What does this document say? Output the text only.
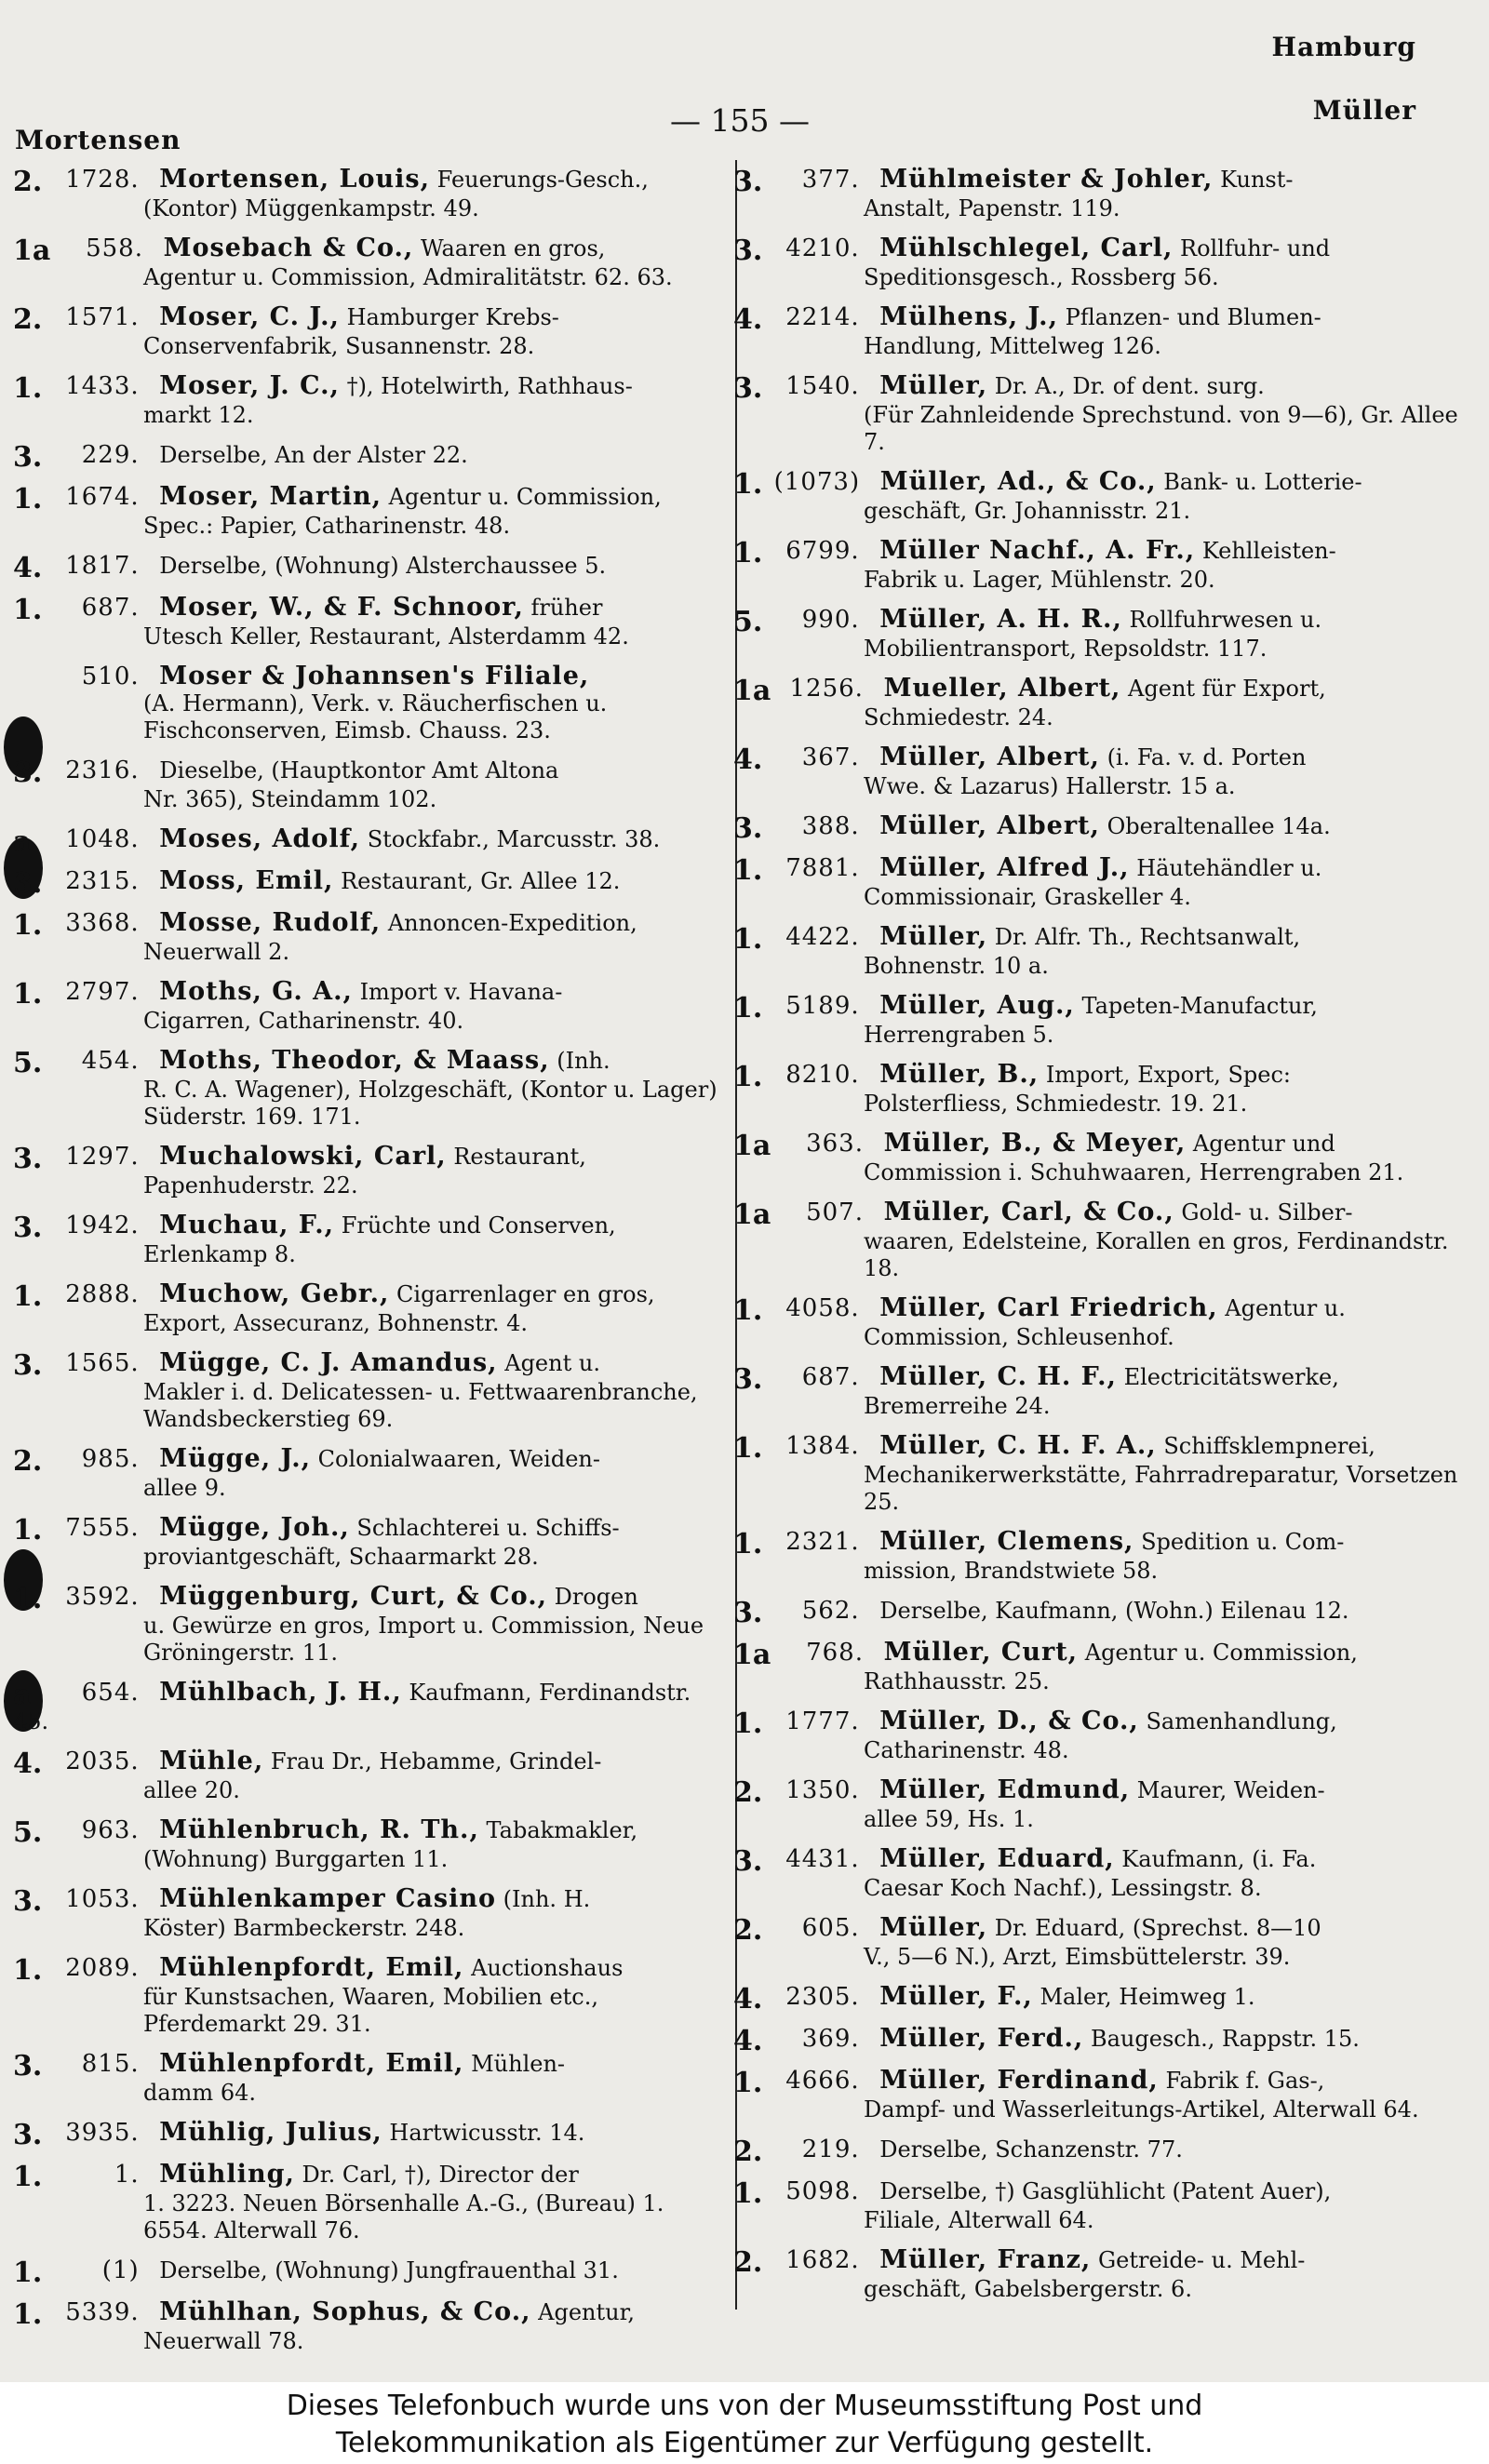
Hamburg
Müller
Mortensen
— 155 —
2. 1728. Mortensen, Louis, Feuerungs-Gesch.,
(Kontor) Müggenkampstr. 49.
1a 558. Mosebach & Co., Waaren en gros,
Agentur u. Commission, Admiralitätstr. 62. 63.
2. 1571. Moser, C. J., Hamburger Krebs-
Conservenfabrik, Susannenstr. 28.
1. 1433. Moser, J. C., †), Hotelwirth, Rathhaus-
markt 12.
3. 229. Derselbe, An der Alster 22.
1. 1674. Moser, Martin, Agentur u. Commission,
Spec.: Papier, Catharinenstr. 48.
4. 1817. Derselbe, (Wohnung) Alsterchaussee 5.
1. 687. Moser, W., & F. Schnoor, früher
Utesch Keller, Restaurant, Alsterdamm 42.
510. Moser & Johannsen's Filiale,
(A. Hermann), Verk. v. Räucherfischen u. Fischconserven, Eimsb. Chauss. 23.
3. 2316. Dieselbe, (Hauptkontor Amt Altona
Nr. 365), Steindamm 102.
a 1048. Moses, Adolf, Stockfabr., Marcusstr. 38.
3. 2315. Moss, Emil, Restaurant, Gr. Allee 12.
1. 3368. Mosse, Rudolf, Annoncen-Expedition,
Neuerwall 2.
1. 2797. Moths, G. A., Import v. Havana-
Cigarren, Catharinenstr. 40.
5. 454. Moths, Theodor, & Maass, (Inh.
R. C. A. Wagener), Holzgeschäft, (Kontor u. Lager) Süderstr. 169. 171.
3. 1297. Muchalowski, Carl, Restaurant,
Papenhuderstr. 22.
3. 1942. Muchau, F., Früchte und Conserven,
Erlenkamp 8.
1. 2888. Muchow, Gebr., Cigarrenlager en gros,
Export, Assecuranz, Bohnenstr. 4.
3. 1565. Mügge, C. J. Amandus, Agent u.
Makler i. d. Delicatessen- u. Fettwaarenbranche, Wandsbeckerstieg 69.
2. 985. Mügge, J., Colonialwaaren, Weiden-
allee 9.
1. 7555. Mügge, Joh., Schlachterei u. Schiffs-
proviantgeschäft, Schaarmarkt 28.
1. 3592. Müggenburg, Curt, & Co., Drogen
u. Gewürze en gros, Import u. Commission, Neue Gröningerstr. 11.
a 654. Mühlbach, J. H., Kaufmann, Ferdinandstr. 45.
4. 2035. Mühle, Frau Dr., Hebamme, Grindel-
allee 20.
5. 963. Mühlenbruch, R. Th., Tabakmakler,
(Wohnung) Burggarten 11.
3. 1053. Mühlenkamper Casino (Inh. H.
Köster) Barmbeckerstr. 248.
1. 2089. Mühlenpfordt, Emil, Auctionshaus
für Kunstsachen, Waaren, Mobilien etc., Pferdemarkt 29. 31.
3. 815. Mühlenpfordt, Emil, Mühlen-
damm 64.
3. 3935. Mühlig, Julius, Hartwicusstr. 14.
1.	1. Mühling, Dr. Carl, †), Director der
1. 3223. Neuen Börsenhalle A.-G., (Bureau) 1. 6554. Alterwall 76.
1. (1) Derselbe, (Wohnung) Jungfrauenthal 31.
1. 5339. Mühlhan, Sophus, & Co., Agentur,
Neuerwall 78.
3. 377. Mühlmeister & Johler, Kunst-
Anstalt, Papenstr. 119.
3. 4210. Mühlschlegel, Carl, Rollfuhr- und
Speditionsgesch., Rossberg 56.
4. 2214. Mülhens, J., Pflanzen- und Blumen-
Handlung, Mittelweg 126.
3. 1540. Müller, Dr. A., Dr. of dent. surg.
(Für Zahnleidende Sprechstund. von 9—6), Gr. Allee 7.
1. (1073) Müller, Ad., & Co., Bank- u. Lotterie-
geschäft, Gr. Johannisstr. 21.
1. 6799. Müller Nachf., A. Fr., Kehlleisten-
Fabrik u. Lager, Mühlenstr. 20.
5. 990. Müller, A. H. R., Rollfuhrwesen u.
Mobilientransport, Repsoldstr. 117.
1a 1256. Mueller, Albert, Agent für Export,
Schmiedestr. 24.
4. 367. Müller, Albert, (i. Fa. v. d. Porten
Wwe. & Lazarus) Hallerstr. 15 a.
3. 388. Müller, Albert, Oberaltenallee 14a.
1. 7881. Müller, Alfred J., Häutehändler u.
Commissionair, Graskeller 4.
1. 4422. Müller, Dr. Alfr. Th., Rechtsanwalt,
Bohnenstr. 10 a.
1. 5189. Müller, Aug., Tapeten-Manufactur,
Herrengraben 5.
1. 8210. Müller, B., Import, Export, Spec:
Polsterfliess, Schmiedestr. 19. 21.
1a 363. Müller, B., & Meyer, Agentur und
Commission i. Schuhwaaren, Herrengraben 21.
1a 507. Müller, Carl, & Co., Gold- u. Silber-
waaren, Edelsteine, Korallen en gros, Ferdinandstr. 18.
1. 4058. Müller, Carl Friedrich, Agentur u.
Commission, Schleusenhof.
3. 687. Müller, C. H. F., Electricitätswerke,
Bremerreihe 24.
1. 1384. Müller, C. H. F. A., Schiffsklempnerei,
Mechanikerwerkstätte, Fahrradreparatur, Vorsetzen 25.
1. 2321. Müller, Clemens, Spedition u. Com-
mission, Brandstwiete 58.
3. 562. Derselbe, Kaufmann, (Wohn.) Eilenau 12.
1a 768. Müller, Curt, Agentur u. Commission,
Rathhausstr. 25.
1. 1777. Müller, D., & Co., Samenhandlung,
Catharinenstr. 48.
2. 1350. Müller, Edmund, Maurer, Weiden-
allee 59, Hs. 1.
3. 4431. Müller, Eduard, Kaufmann, (i. Fa.
Caesar Koch Nachf.), Lessingstr. 8.
2. 605. Müller, Dr. Eduard, (Sprechst. 8—10
V., 5—6 N.), Arzt, Eimsbüttelerstr. 39.
4. 2305. Müller, F., Maler, Heimweg 1.
4. 369. Müller, Ferd., Baugesch., Rappstr. 15.
1. 4666. Müller, Ferdinand, Fabrik f. Gas-,
Dampf- und Wasserleitungs-Artikel, Alterwall 64.
2. 219. Derselbe, Schanzenstr. 77.
1. 5098. Derselbe, †) Gasglühlicht (Patent Auer),
Filiale, Alterwall 64.
2. 1682. Müller, Franz, Getreide- u. Mehl-
geschäft, Gabelsbergerstr. 6.
Dieses Telefonbuch wurde uns von der Museumsstiftung Post und
Telekommunikation als Eigentümer zur Verfügung gestellt.
